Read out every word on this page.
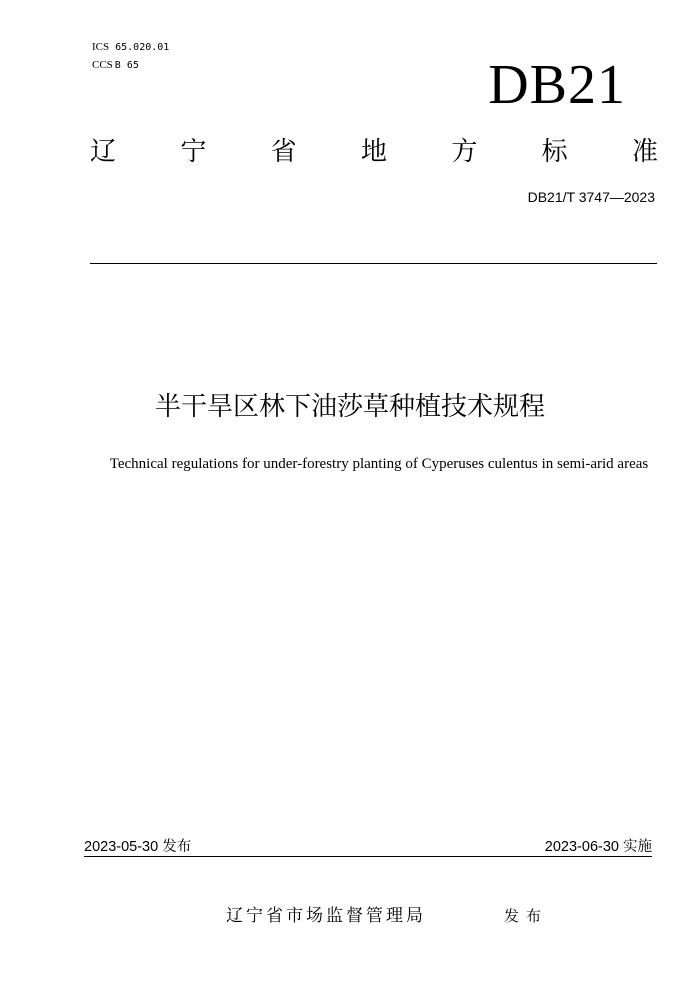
ICS 65.020.01
CCS B 65	DB21
辽 宁 省 地 方 标 准
DB21/T 3747—2023
半干旱区林下油莎草种植技术规程
Technical regulations for under-forestry planting of Cyperuses culentus in semi-arid areas
2023-05-30 发布	2023-06-30 实施
辽宁省市场监督管理局	发布
